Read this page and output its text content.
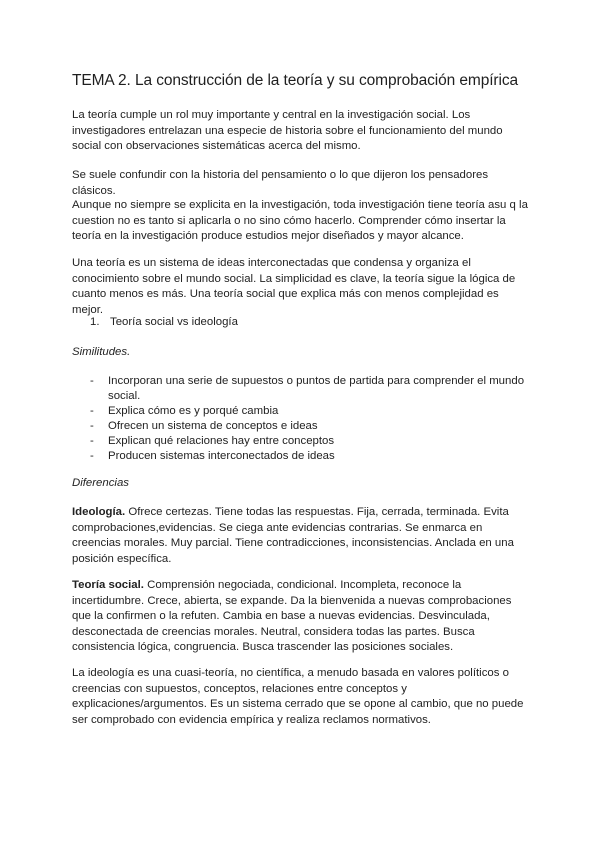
TEMA 2. La construcción de la teoría y su comprobación empírica

La teoría cumple un rol muy importante y central en la investigación social. Los investigadores entrelazan una especie de historia sobre el funcionamiento del mundo social con observaciones sistemáticas acerca del mismo.

Se suele confundir con la historia del pensamiento o lo que dijeron los pensadores clásicos.

Aunque no siempre se explicita en la investigación, toda investigación tiene teoría asu q la cuestion no es tanto si aplicarla o no sino cómo hacerlo. Comprender cómo insertar la teoría en la investigación produce estudios mejor diseñados y mayor alcance.

Una teoría es un sistema de ideas interconectadas que condensa y organiza el conocimiento sobre el mundo social. La simplicidad es clave, la teoría sigue la lógica de cuanto menos es más. Una teoría social que explica más con menos complejidad es mejor.

1. Teoría social vs ideología
Similitudes.
- Incorporan una serie de supuestos o puntos de partida para comprender el mundo social.
- Explica cómo es y porqué cambia
- Ofrecen un sistema de conceptos e ideas
- Explican qué relaciones hay entre conceptos
- Producen sistemas interconectados de ideas
Diferencias

Ideología. Ofrece certezas. Tiene todas las respuestas. Fija, cerrada, terminada. Evita comprobaciones,evidencias. Se ciega ante evidencias contrarias. Se enmarca en creencias morales. Muy parcial. Tiene contradicciones, inconsistencias. Anclada en una posición específica.

Teoría social. Comprensión negociada, condicional. Incompleta, reconoce la incertidumbre. Crece, abierta, se expande. Da la bienvenida a nuevas comprobaciones que la confirmen o la refuten. Cambia en base a nuevas evidencias. Desvinculada, desconectada de creencias morales. Neutral, considera todas las partes. Busca consistencia lógica, congruencia. Busca trascender las posiciones sociales.

La ideología es una cuasi-teoría, no científica, a menudo basada en valores políticos o creencias con supuestos, conceptos, relaciones entre conceptos y explicaciones/argumentos. Es un sistema cerrado que se opone al cambio, que no puede ser comprobado con evidencia empírica y realiza reclamos normativos.
